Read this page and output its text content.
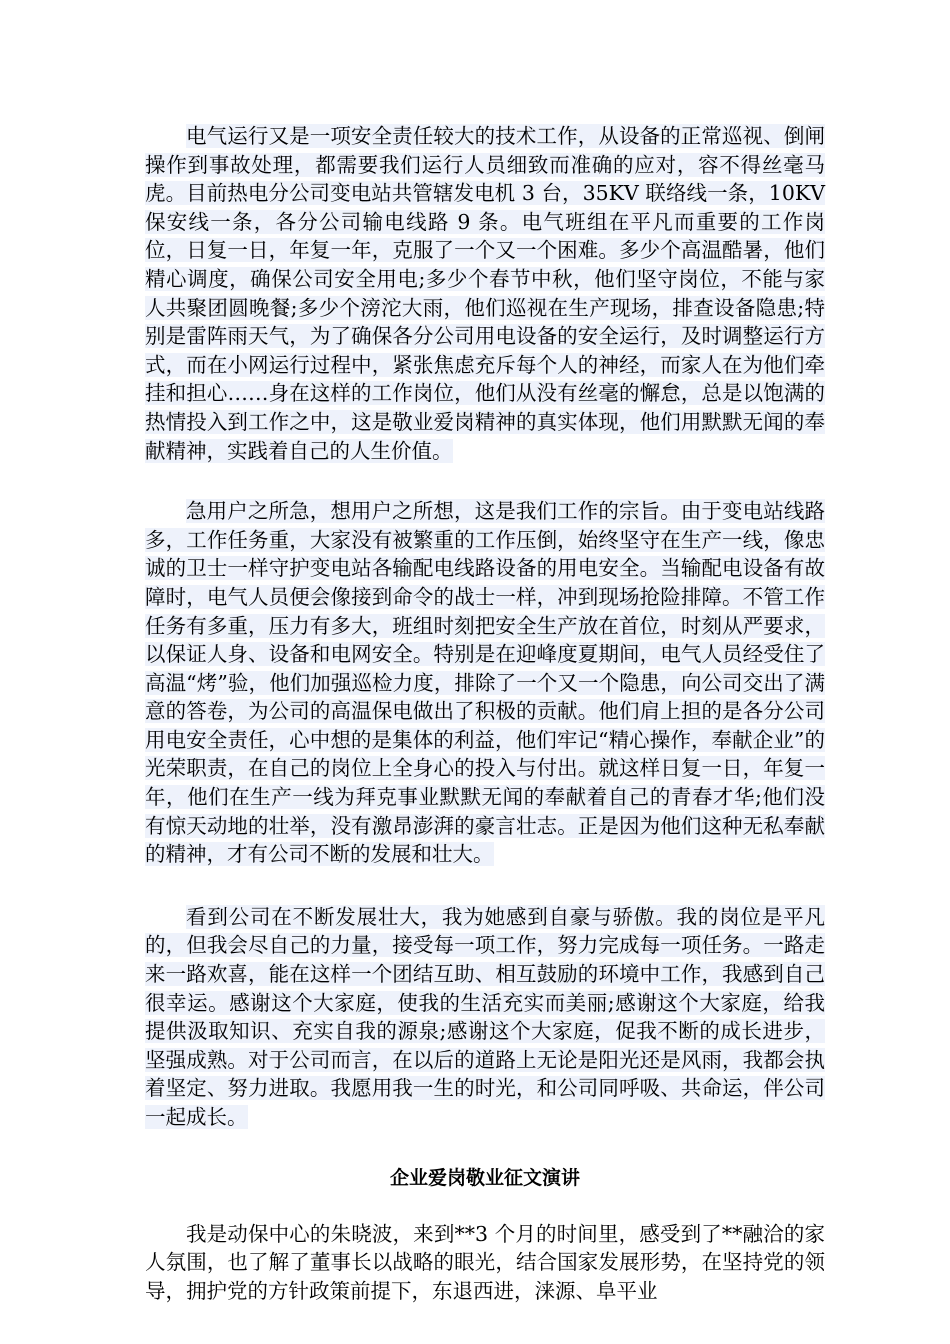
电气运行又是一项安全责任较大的技术工作，从设备的正常巡视、倒闸操作到事故处理，都需要我们运行人员细致而准确的应对，容不得丝毫马虎。目前热电分公司变电站共管辖发电机 3 台，35KV 联络线一条，10KV 保安线一条，各分公司输电线路 9 条。电气班组在平凡而重要的工作岗位，日复一日，年复一年，克服了一个又一个困难。多少个高温酷暑，他们精心调度，确保公司安全用电;多少个春节中秋，他们坚守岗位，不能与家人共聚团圆晚餐;多少个滂沱大雨，他们巡视在生产现场，排查设备隐患;特别是雷阵雨天气，为了确保各分公司用电设备的安全运行，及时调整运行方式，而在小网运行过程中，紧张焦虑充斥每个人的神经，而家人在为他们牵挂和担心……身在这样的工作岗位，他们从没有丝毫的懈怠，总是以饱满的热情投入到工作之中，这是敬业爱岗精神的真实体现，他们用默默无闻的奉献精神，实践着自己的人生价值。

急用户之所急，想用户之所想，这是我们工作的宗旨。由于变电站线路多，工作任务重，大家没有被繁重的工作压倒，始终坚守在生产一线，像忠诚的卫士一样守护变电站各输配电线路设备的用电安全。当输配电设备有故障时，电气人员便会像接到命令的战士一样，冲到现场抢险排障。不管工作任务有多重，压力有多大，班组时刻把安全生产放在首位，时刻从严要求，以保证人身、设备和电网安全。特别是在迎峰度夏期间，电气人员经受住了高温“烤”验，他们加强巡检力度，排除了一个又一个隐患，向公司交出了满意的答卷，为公司的高温保电做出了积极的贡献。他们肩上担的是各分公司用电安全责任，心中想的是集体的利益，他们牢记“精心操作，奉献企业”的光荣职责，在自己的岗位上全身心的投入与付出。就这样日复一日，年复一年，他们在生产一线为拜克事业默默无闻的奉献着自己的青春才华;他们没有惊天动地的壮举，没有激昂澎湃的豪言壮志。正是因为他们这种无私奉献的精神，才有公司不断的发展和壮大。

看到公司在不断发展壮大，我为她感到自豪与骄傲。我的岗位是平凡的，但我会尽自己的力量，接受每一项工作，努力完成每一项任务。一路走来一路欢喜，能在这样一个团结互助、相互鼓励的环境中工作，我感到自己很幸运。感谢这个大家庭，使我的生活充实而美丽;感谢这个大家庭，给我提供汲取知识、充实自我的源泉;感谢这个大家庭，促我不断的成长进步，坚强成熟。对于公司而言，在以后的道路上无论是阳光还是风雨，我都会执着坚定、努力进取。我愿用我一生的时光，和公司同呼吸、共命运，伴公司一起成长。

企业爱岗敬业征文演讲

我是动保中心的朱晓波，来到**3 个月的时间里，感受到了**融洽的家人氛围，也了解了董事长以战略的眼光，结合国家发展形势，在坚持党的领导，拥护党的方针政策前提下，东退西进，涞源、阜平业
